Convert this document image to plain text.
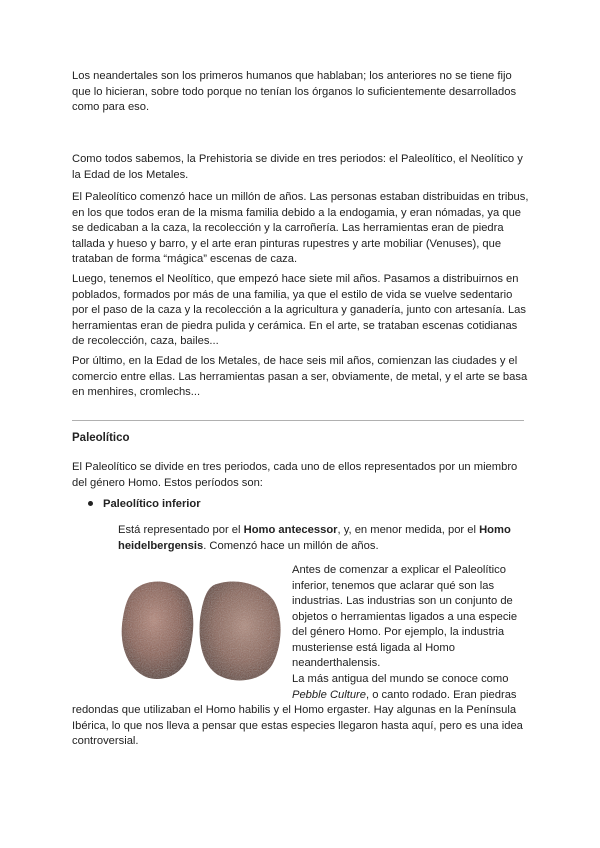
Los neandertales son los primeros humanos que hablaban; los anteriores no se tiene fijo que lo hicieran, sobre todo porque no tenían los órganos lo suficientemente desarrollados como para eso.

Como todos sabemos, la Prehistoria se divide en tres periodos: el Paleolítico, el Neolítico y la Edad de los Metales.

El Paleolítico comenzó hace un millón de años. Las personas estaban distribuidas en tribus, en los que todos eran de la misma familia debido a la endogamia, y eran nómadas, ya que se dedicaban a la caza, la recolección y la carroñería. Las herramientas eran de piedra tallada y hueso y barro, y el arte eran pinturas rupestres y arte mobiliar (Venuses), que trataban de forma “mágica” escenas de caza.

Luego, tenemos el Neolítico, que empezó hace siete mil años. Pasamos a distribuirnos en poblados, formados por más de una familia, ya que el estilo de vida se vuelve sedentario por el paso de la caza y la recolección a la agricultura y ganadería, junto con artesanía. Las herramientas eran de piedra pulida y cerámica. En el arte, se trataban escenas cotidianas de recolección, caza, bailes...

Por último, en la Edad de los Metales, de hace seis mil años, comienzan las ciudades y el comercio entre ellas. Las herramientas pasan a ser, obviamente, de metal, y el arte se basa en menhires, cromlechs...

Paleolítico

El Paleolítico se divide en tres periodos, cada uno de ellos representados por un miembro del género Homo. Estos períodos son:

Paleolítico inferior

Está representado por el Homo antecessor, y, en menor medida, por el Homo heidelbergensis. Comenzó hace un millón de años.

Antes de comenzar a explicar el Paleolítico inferior, tenemos que aclarar qué son las industrias. Las industrias son un conjunto de objetos o herramientas ligados a una especie del género Homo. Por ejemplo, la industria musteriense está ligada al Homo neanderthalensis.

La más antigua del mundo se conoce como

Pebble Culture, o canto rodado. Eran piedras redondas que utilizaban el Homo habilis y el Homo ergaster. Hay algunas en la Península Ibérica, lo que nos lleva a pensar que estas especies llegaron hasta aquí, pero es una idea controversial.
